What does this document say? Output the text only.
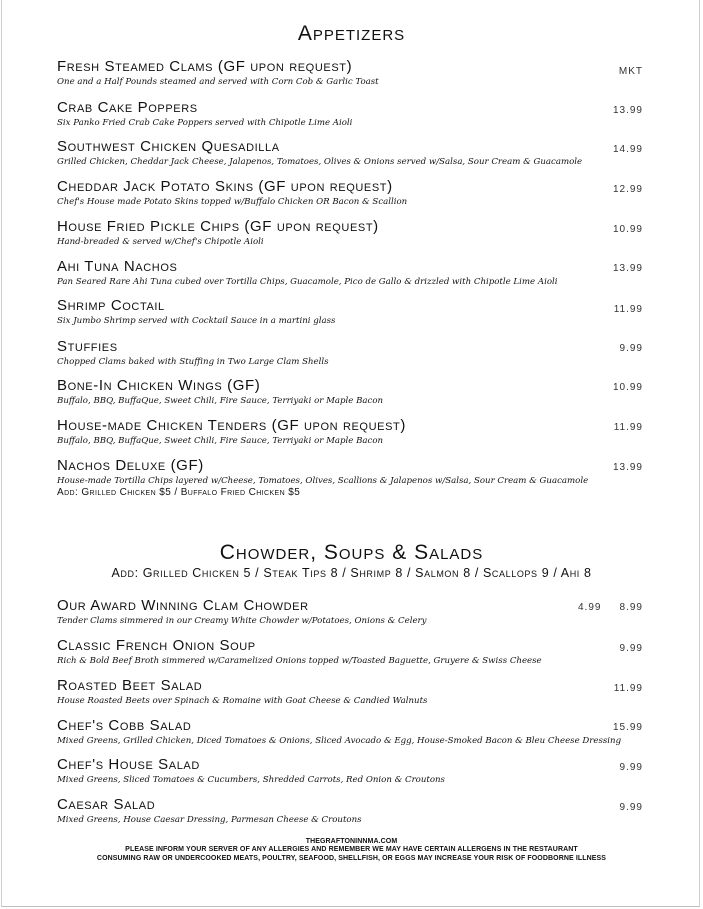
Appetizers
Fresh Steamed Clams (GF upon request)
One and a Half Pounds steamed and served with Corn Cob & Garlic Toast
MKT
Crab Cake Poppers
Six Panko Fried Crab Cake Poppers served with Chipotle Lime Aioli
13.99
Southwest Chicken Quesadilla
Grilled Chicken, Cheddar Jack Cheese, Jalapenos, Tomatoes, Olives & Onions served w/Salsa, Sour Cream & Guacamole
14.99
Cheddar Jack Potato Skins (GF upon request)
Chef's House made Potato Skins topped w/Buffalo Chicken OR Bacon & Scallion
12.99
House Fried Pickle Chips (GF upon request)
Hand-breaded & served w/Chef's Chipotle Aioli
10.99
Ahi Tuna Nachos
Pan Seared Rare Ahi Tuna cubed over Tortilla Chips, Guacamole, Pico de Gallo & drizzled with Chipotle Lime Aioli
13.99
Shrimp Coctail
Six Jumbo Shrimp served with Cocktail Sauce in a martini glass
11.99
Stuffies
Chopped Clams baked with Stuffing in Two Large Clam Shells
9.99
Bone-In Chicken Wings (GF)
Buffalo, BBQ, BuffaQue, Sweet Chili, Fire Sauce, Terriyaki or Maple Bacon
10.99
House-made Chicken Tenders (GF upon request)
Buffalo, BBQ, BuffaQue, Sweet Chili, Fire Sauce, Terriyaki or Maple Bacon
11.99
Nachos Deluxe (GF)
House-made Tortilla Chips layered w/Cheese, Tomatoes, Olives, Scallions & Jalapenos w/Salsa, Sour Cream & Guacamole
Add: Grilled Chicken $5 / Buffalo Fried Chicken $5
13.99
Chowder, Soups & Salads
Add: Grilled Chicken 5 / Steak Tips 8 / Shrimp 8 / Salmon 8 / Scallops 9 / Ahi 8
Our Award Winning Clam Chowder
Tender Clams simmered in our Creamy White Chowder w/Potatoes, Onions & Celery
4.99 8.99
Classic French Onion Soup
Rich & Bold Beef Broth simmered w/Caramelized Onions topped w/Toasted Baguette, Gruyere & Swiss Cheese
9.99
Roasted Beet Salad
House Roasted Beets over Spinach & Romaine with Goat Cheese & Candied Walnuts
11.99
Chef's Cobb Salad
Mixed Greens, Grilled Chicken, Diced Tomatoes & Onions, Sliced Avocado & Egg, House-Smoked Bacon & Bleu Cheese Dressing
15.99
Chef's House Salad
Mixed Greens, Sliced Tomatoes & Cucumbers, Shredded Carrots, Red Onion & Croutons
9.99
Caesar Salad
Mixed Greens, House Caesar Dressing, Parmesan Cheese & Croutons
9.99
THEGRAFTONINNMA.COM
PLEASE INFORM YOUR SERVER OF ANY ALLERGIES AND REMEMBER WE MAY HAVE CERTAIN ALLERGENS IN THE RESTAURANT
CONSUMING RAW OR UNDERCOOKED MEATS, POULTRY, SEAFOOD, SHELLFISH, OR EGGS MAY INCREASE YOUR RISK OF FOODBORNE ILLNESS
